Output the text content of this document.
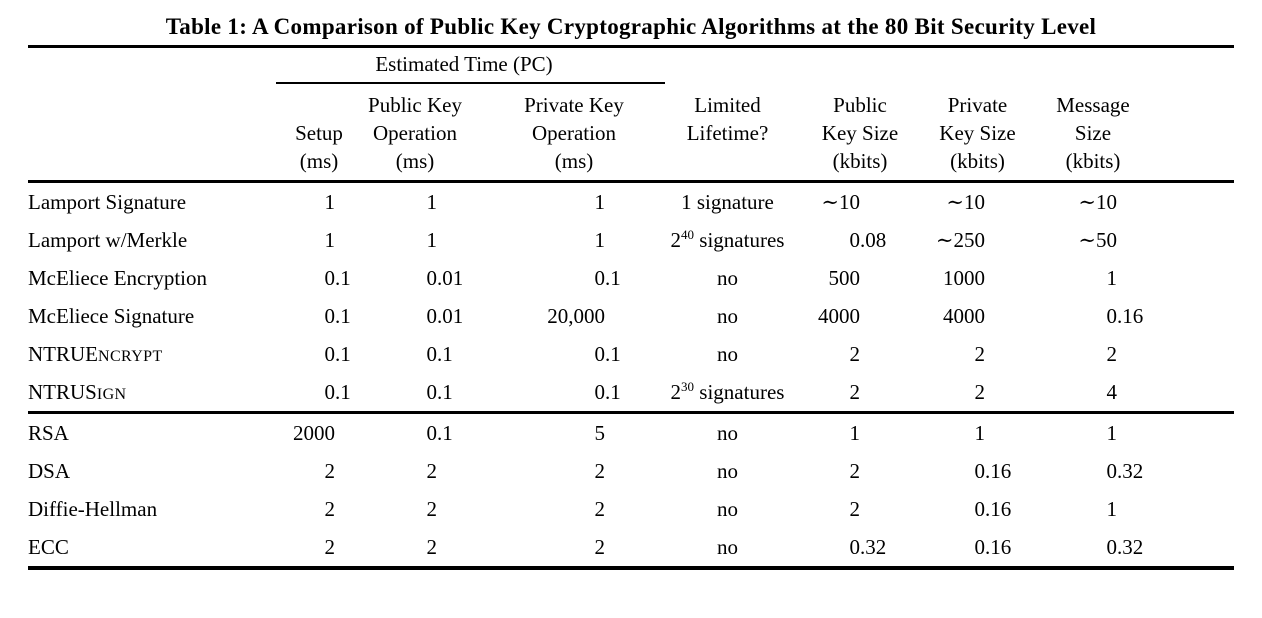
Table 1: A Comparison of Public Key Cryptographic Algorithms at the 80 Bit Security Level
Estimated Time (PC)
Setup
(ms)
Public Key
Operation
(ms)
Private Key
Operation
(ms)
Limited
Lifetime?
Public
Key Size
(kbits)
Private
Key Size
(kbits)
Message
Size
(kbits)
Lamport Signature	1	1	1	1 signature	∼10	∼10	∼10
Lamport w/Merkle	1	1	1	$2^{40}$ signatures	0 .08	∼250	∼50
McEliece Encryption	0 .1	0 .01	0 .1	no	500	1000	1
McEliece Signature	0 .1	0 .01	20,000	no	4000	4000	0 .16
NTRUENCRYPT	0 .1	0 .1	0 .1	no	2	2	2
NTRUSIGN	0 .1	0 .1	0 .1	$2^{30}$ signatures	2	2	4
RSA	2000	0 .1	5	no	1	1	1
DSA	2	2	2	no	2	0 .16	0 .32
Diffie-Hellman	2	2	2	no	2	0 .16	1
ECC	2	2	2	no	0 .32	0 .16	0 .32
